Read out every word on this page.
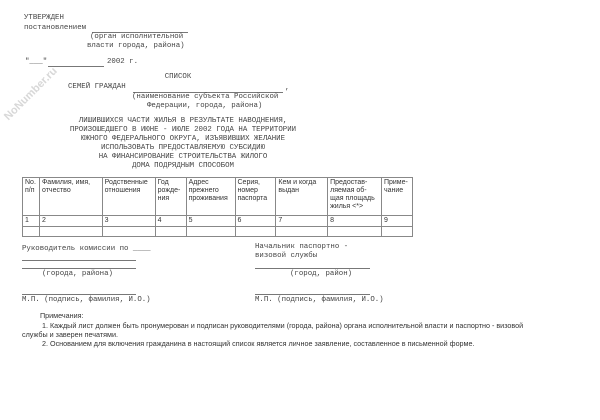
NoNumber.ru
УТВЕРЖДЕН
постановлением
(орган исполнительной
власти города, района)
"___"	2002 г.
СПИСОК
СЕМЕЙ ГРАЖДАН	,
(наименование субъекта Российской
Федерации, города, района)
ЛИШИВШИХСЯ ЧАСТИ ЖИЛЬЯ В РЕЗУЛЬТАТЕ НАВОДНЕНИЯ,
ПРОИЗОШЕДШЕГО В ИЮНЕ - ИЮЛЕ 2002 ГОДА НА ТЕРРИТОРИИ
ЮЖНОГО ФЕДЕРАЛЬНОГО ОКРУГА, ИЗЪЯВИВШИХ ЖЕЛАНИЕ
ИСПОЛЬЗОВАТЬ ПРЕДОСТАВЛЯЕМУЮ СУБСИДИЮ
НА ФИНАНСИРОВАНИЕ СТРОИТЕЛЬСТВА ЖИЛОГО
ДОМА ПОДРЯДНЫМ СПОСОБОМ
No. п/п	Фамилия, имя, отчество	Родственные отношения	Год рожде-ния	Адрес прежнего проживания	Серия, номер паспорта	Кем и когда выдан	Предостав-ляемая об-щая площадь жилья <*>	Приме-чание
1	2	3	4	5	6	7	8	9

Руководитель комиссии по ____
(города, района)
М.П. (подпись, фамилия, И.О.)
Начальник паспортно -
визовой службы
(город, район)
М.П. (подпись, фамилия, И.О.)
Примечания:
1. Каждый лист должен быть пронумерован и подписан руководителями (города, района) органа исполнительной власти и паспортно - визовой
службы и заверен печатями.
2. Основанием для включения гражданина в настоящий список является личное заявление, составленное в письменной форме.
